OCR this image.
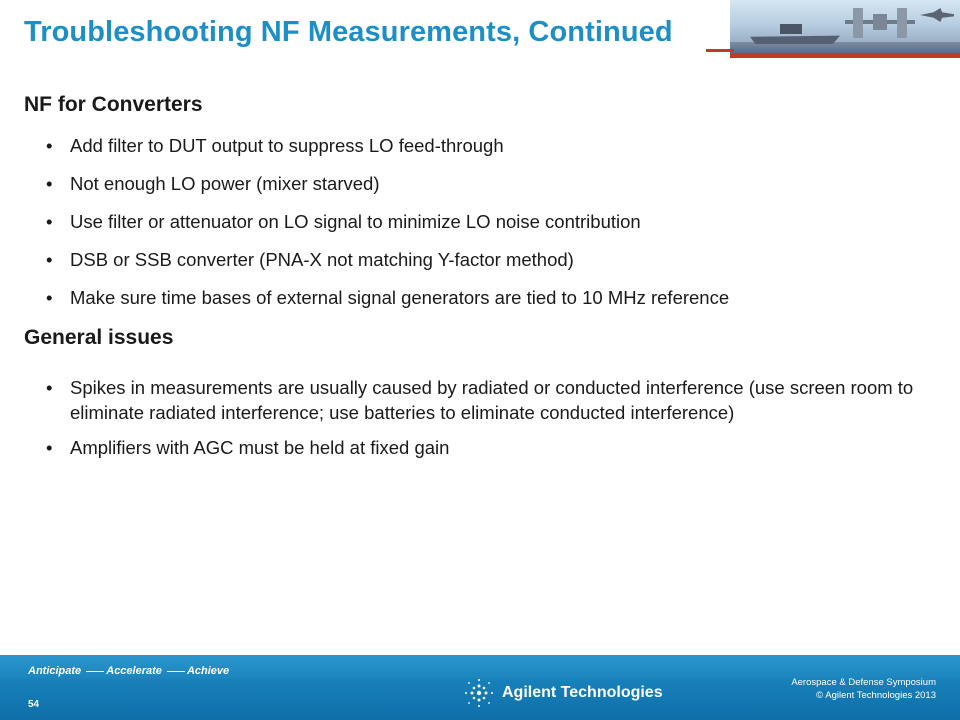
Troubleshooting NF Measurements, Continued
NF for Converters
• Add filter to DUT output to suppress LO feed-through
• Not enough LO power (mixer starved)
• Use filter or attenuator on LO signal to minimize LO noise contribution
• DSB or SSB converter (PNA-X not matching Y-factor method)
• Make sure time bases of external signal generators are tied to 10 MHz reference
General issues
• Spikes in measurements are usually caused by radiated or conducted interference (use screen room to eliminate radiated interference; use batteries to eliminate conducted interference)
• Amplifiers with AGC must be held at fixed gain
Anticipate Accelerate Achieve
54
Agilent Technologies
Aerospace & Defense Symposium
© Agilent Technologies 2013
